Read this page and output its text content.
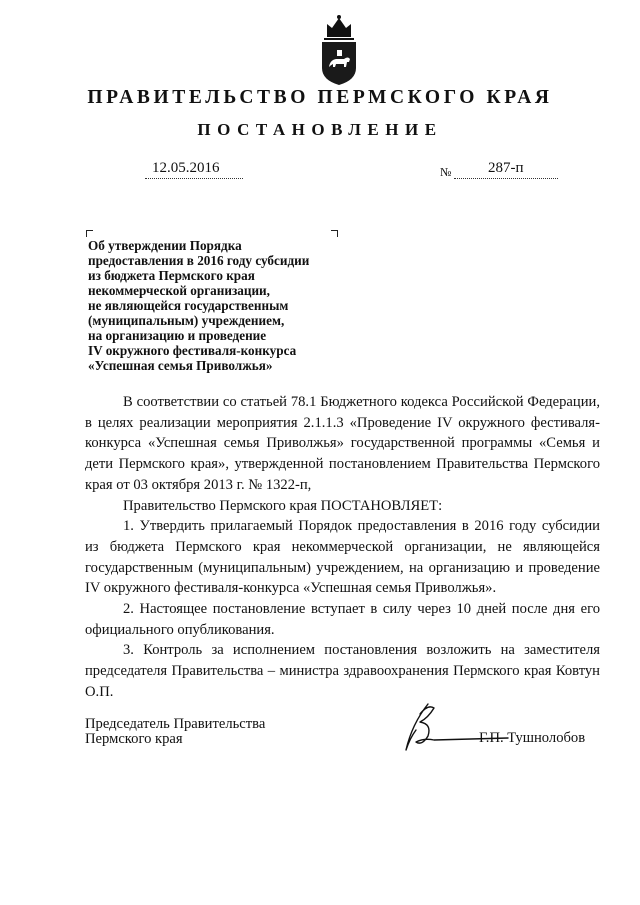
ПРАВИТЕЛЬСТВО ПЕРМСКОГО КРАЯ
ПОСТАНОВЛЕНИЕ
12.05.2016	№ 287-п
Об утверждении Порядка
предоставления в 2016 году субсидии
из бюджета Пермского края
некоммерческой организации,
не являющейся государственным
(муниципальным) учреждением,
на организацию и проведение
IV окружного фестиваля-конкурса
«Успешная семья Приволжья»

В соответствии со статьей 78.1 Бюджетного кодекса Российской Федерации, в целях реализации мероприятия 2.1.1.3 «Проведение IV окружного фестиваля-конкурса «Успешная семья Приволжья» государственной программы «Семья и дети Пермского края», утвержденной постановлением Правительства Пермского края от 03 октября 2013 г. № 1322-п,

Правительство Пермского края ПОСТАНОВЛЯЕТ:

1. Утвердить прилагаемый Порядок предоставления в 2016 году субсидии из бюджета Пермского края некоммерческой организации, не являющейся государственным (муниципальным) учреждением, на организацию и проведение IV окружного фестиваля-конкурса «Успешная семья Приволжья».

2. Настоящее постановление вступает в силу через 10 дней после дня его официального опубликования.

3. Контроль за исполнением постановления возложить на заместителя председателя Правительства – министра здравоохранения Пермского края Ковтун О.П.

Председатель Правительства
Пермского края	Г.П. Тушнолобов
